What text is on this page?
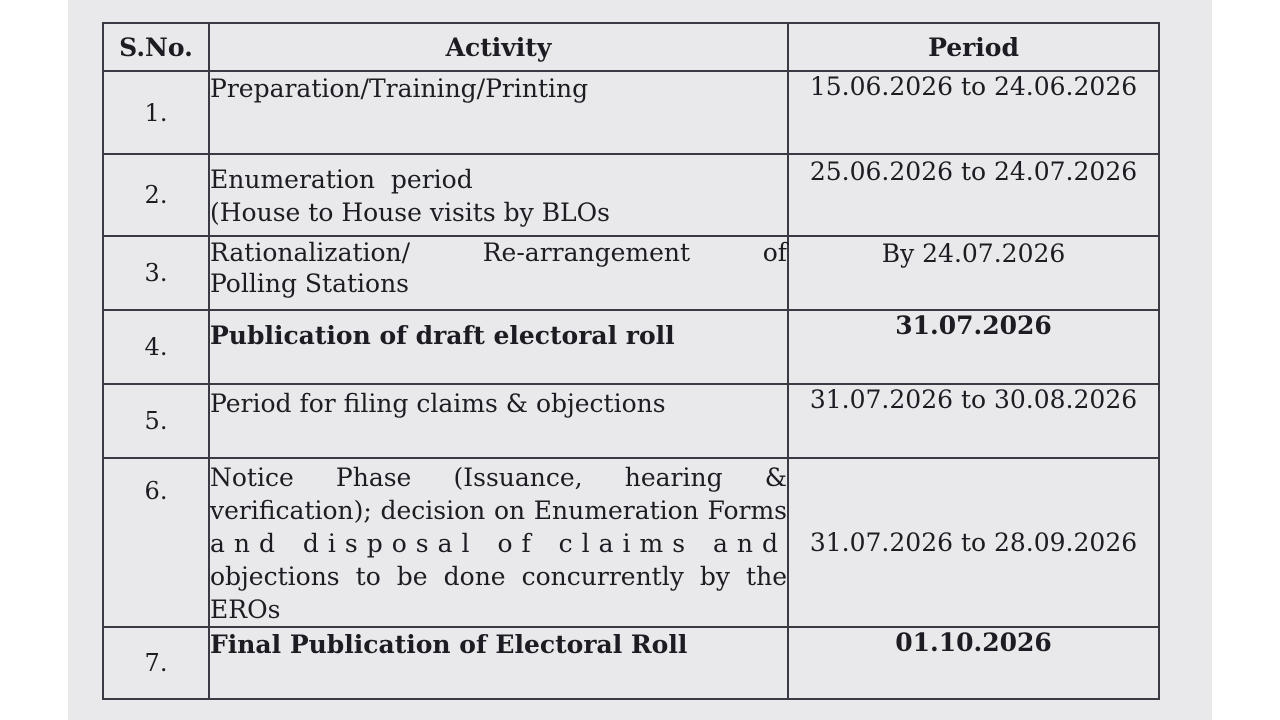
S.No.	Activity	Period
1.	Preparation/Training/Printing	15.06.2026 to 24.06.2026
2.	Enumeration  period
(House to House visits by BLOs	25.06.2026 to 24.07.2026
3.	Rationalization/ Re-arrangement of
Polling Stations	By 24.07.2026
4.	Publication of draft electoral roll	31.07.2026
5.	Period for filing claims & objections	31.07.2026 to 30.08.2026
6.	Notice Phase (Issuance, hearing &
verification); decision on Enumeration Forms
and disposal of claims and
objections to be done concurrently by the
EROs	31.07.2026 to 28.09.2026
7.	Final Publication of Electoral Roll	01.10.2026
